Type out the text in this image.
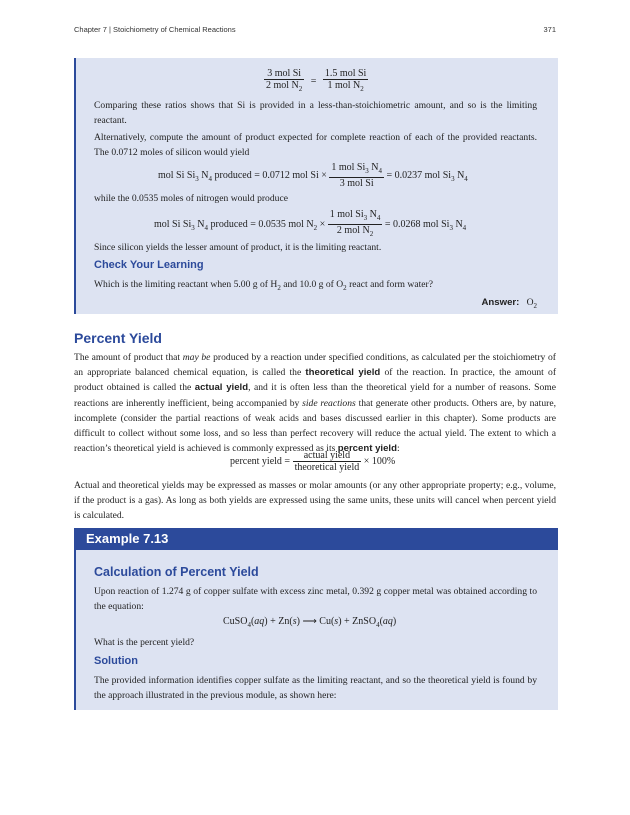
Chapter 7 | Stoichiometry of Chemical Reactions	371
$\frac{\text{3 mol Si}}{2 mol N_2} = \frac{\text{1.5 mol Si}}{1 mol N_2}$
Comparing these ratios shows that Si is provided in a less-than-stoichiometric amount, and so is the limiting reactant.
Alternatively, compute the amount of product expected for complete reaction of each of the provided reactants. The 0.0712 moles of silicon would yield
mol Si $Si_3$ $N_4$ produced = 0.0712 mol $Si \times \frac{1 mol Si_3 N_4}{\text{3 mol Si}} = 0.0237$ mol $Si_3$ $N_4$
while the 0.0535 moles of nitrogen would produce
mol Si $Si_3$ $N_4$ produced = 0.0535 mol $N_2 \times \frac{1 mol Si_3 N_4}{2 mol N_2} = 0.0268$ mol $Si_3$ $N_4$
Since silicon yields the lesser amount of product, it is the limiting reactant.
Check Your Learning
Which is the limiting reactant when 5.00 g of $H_2$ and 10.0 g of $O_2$ react and form water?
Answer: $O_2$
Percent Yield
The amount of product that may be produced by a reaction under specified conditions, as calculated per the stoichiometry of an appropriate balanced chemical equation, is called the theoretical yield of the reaction. In practice, the amount of product obtained is called the actual yield, and it is often less than the theoretical yield for a number of reasons. Some reactions are inherently inefficient, being accompanied by side reactions that generate other products. Others are, by nature, incomplete (consider the partial reactions of weak acids and bases discussed earlier in this chapter). Some products are difficult to collect without some loss, and so less than perfect recovery will reduce the actual yield. The extent to which a reaction’s theoretical yield is achieved is commonly expressed as its percent yield:
percent yield = $\frac{\text{actual yield}}{\text{theoretical yield}} \times 100\%$
Actual and theoretical yields may be expressed as masses or molar amounts (or any other appropriate property; e.g., volume, if the product is a gas). As long as both yields are expressed using the same units, these units will cancel when percent yield is calculated.
Example 7.13
Calculation of Percent Yield
Upon reaction of 1.274 g of copper sulfate with excess zinc metal, 0.392 g copper metal was obtained according to the equation:
CuSO$_4$(aq) + Zn(s) ⟶ Cu(s) + ZnSO$_4$(aq)
What is the percent yield?
Solution
The provided information identifies copper sulfate as the limiting reactant, and so the theoretical yield is found by the approach illustrated in the previous module, as shown here:
